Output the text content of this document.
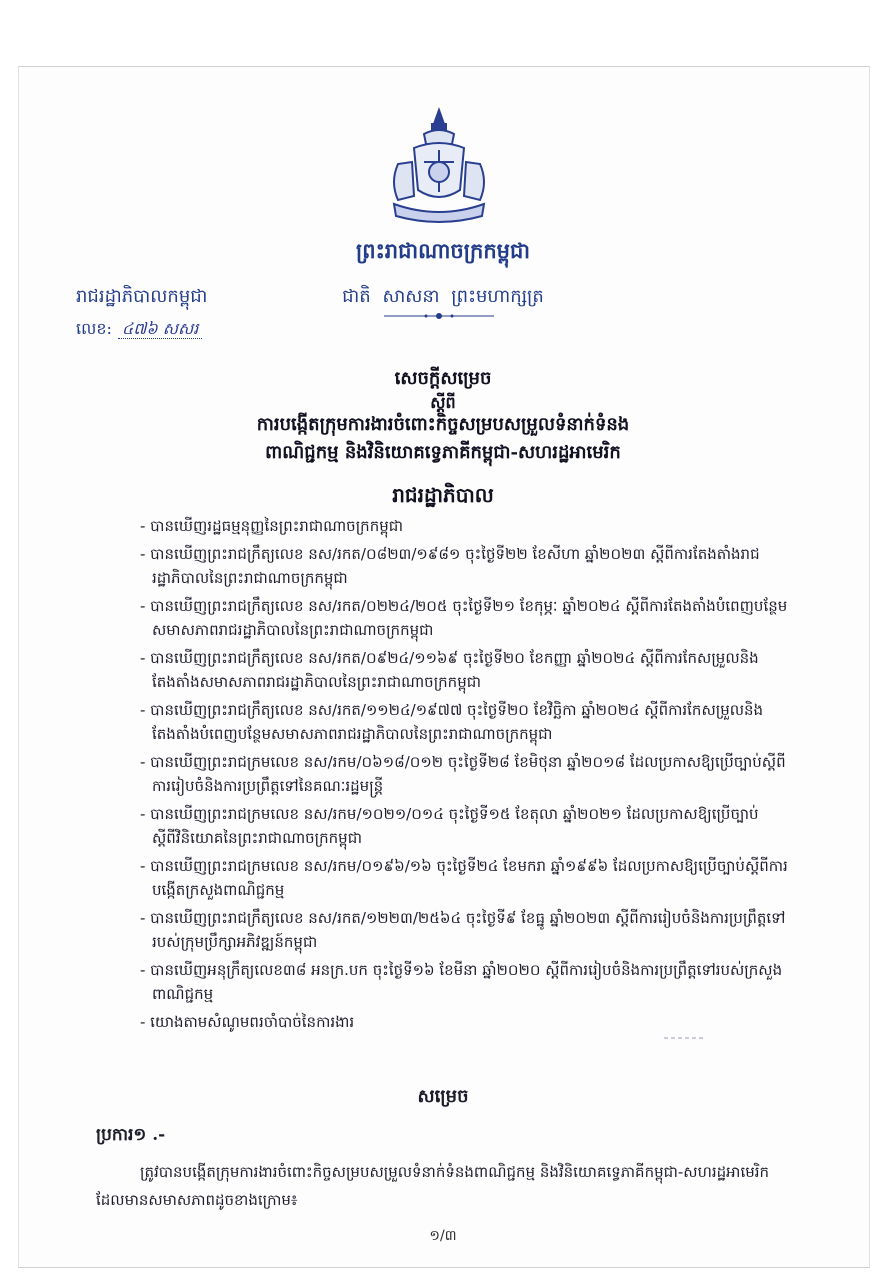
ព្រះរាជាណាចក្រកម្ពុជា
ជាតិ សាសនា ព្រះមហាក្សត្រ
រាជរដ្ឋាភិបាលកម្ពុជា
លេខ: ៤៧៦ សសរ
សេចក្ដីសម្រេច
ស្ដីពី
ការបង្កើតក្រុមការងារចំពោះកិច្ចសម្របសម្រួលទំនាក់ទំនង
ពាណិជ្ជកម្ម និងវិនិយោគទ្វេភាគីកម្ពុជា-សហរដ្ឋអាមេរិក
រាជរដ្ឋាភិបាល
- បានឃើញរដ្ឋធម្មនុញ្ញនៃព្រះរាជាណាចក្រកម្ពុជា
- បានឃើញព្រះរាជក្រឹត្យលេខ នស/រកត/០៨២៣/១៩៨១ ចុះថ្ងៃទី២២ ខែសីហា ឆ្នាំ២០២៣ ស្ដីពីការតែងតាំងរាជរដ្ឋាភិបាលនៃព្រះរាជាណាចក្រកម្ពុជា
- បានឃើញព្រះរាជក្រឹត្យលេខ នស/រកត/០២២៤/២០៥ ចុះថ្ងៃទី២១ ខែកុម្ភៈ ឆ្នាំ២០២៤ ស្ដីពីការតែងតាំងបំពេញបន្ថែមសមាសភាពរាជរដ្ឋាភិបាលនៃព្រះរាជាណាចក្រកម្ពុជា
- បានឃើញព្រះរាជក្រឹត្យលេខ នស/រកត/០៩២៤/១១៦៩ ចុះថ្ងៃទី២០ ខែកញ្ញា ឆ្នាំ២០២៤ ស្ដីពីការកែសម្រួលនិងតែងតាំងសមាសភាពរាជរដ្ឋាភិបាលនៃព្រះរាជាណាចក្រកម្ពុជា
- បានឃើញព្រះរាជក្រឹត្យលេខ នស/រកត/១១២៤/១៩៧៧ ចុះថ្ងៃទី២០ ខែវិច្ឆិកា ឆ្នាំ២០២៤ ស្ដីពីការកែសម្រួលនិងតែងតាំងបំពេញបន្ថែមសមាសភាពរាជរដ្ឋាភិបាលនៃព្រះរាជាណាចក្រកម្ពុជា
- បានឃើញព្រះរាជក្រមលេខ នស/រកម/០៦១៨/០១២ ចុះថ្ងៃទី២៨ ខែមិថុនា ឆ្នាំ២០១៨ ដែលប្រកាសឱ្យប្រើច្បាប់ស្ដីពីការរៀបចំនិងការប្រព្រឹត្តទៅនៃគណៈរដ្ឋមន្ត្រី
- បានឃើញព្រះរាជក្រមលេខ នស/រកម/១០២១/០១៤ ចុះថ្ងៃទី១៥ ខែតុលា ឆ្នាំ២០២១ ដែលប្រកាសឱ្យប្រើច្បាប់ស្ដីពីវិនិយោគនៃព្រះរាជាណាចក្រកម្ពុជា
- បានឃើញព្រះរាជក្រមលេខ នស/រកម/០១៩៦/១៦ ចុះថ្ងៃទី២៤ ខែមករា ឆ្នាំ១៩៩៦ ដែលប្រកាសឱ្យប្រើច្បាប់ស្ដីពីការបង្កើតក្រសួងពាណិជ្ជកម្ម
- បានឃើញព្រះរាជក្រឹត្យលេខ នស/រកត/១២២៣/២៥៦៤ ចុះថ្ងៃទី៩ ខែធ្នូ ឆ្នាំ២០២៣ ស្ដីពីការរៀបចំនិងការប្រព្រឹត្តទៅរបស់ក្រុមប្រឹក្សាអភិវឌ្ឍន៍កម្ពុជា
- បានឃើញអនុក្រឹត្យលេខ៣៨ អនក្រ.បក ចុះថ្ងៃទី១៦ ខែមីនា ឆ្នាំ២០២០ ស្ដីពីការរៀបចំនិងការប្រព្រឹត្តទៅរបស់ក្រសួងពាណិជ្ជកម្ម
- យោងតាមសំណូមពរចាំបាច់នៃការងារ
សម្រេច
ប្រការ១ .-

ត្រូវបានបង្កើតក្រុមការងារចំពោះកិច្ចសម្របសម្រួលទំនាក់ទំនងពាណិជ្ជកម្ម និងវិនិយោគទ្វេភាគីកម្ពុជា-សហរដ្ឋអាមេរិក ដែលមានសមាសភាពដូចខាងក្រោម៖

១/៣
